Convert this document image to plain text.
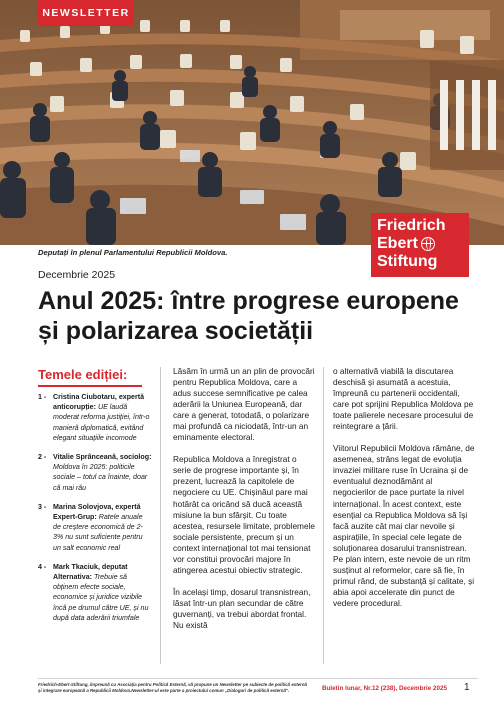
NEWSLETTER
Friedrich
Ebert
Stiftung
Deputați în plenul Parlamentului Republicii Moldova.
Decembrie 2025
Anul 2025: între progrese europene și polarizarea societății
Temele ediției:
1 - Cristina Ciubotaru, expertă anticorupție: UE laudă moderat reforma justiției, într-o manieră diplomatică, evitând elegant situațiile incomode
2 - Vitalie Sprânceană, sociolog: Moldova în 2025: politicile sociale – totul ca înainte, doar că mai rău
3 - Marina Solovjova, expertă Expert-Grup: Ratele anuale de creștere economică de 2-3% nu sunt suficiente pentru un salt economic real
4 - Mark Tkaciuk, deputat Alternativa: Trebuie să obținem efecte sociale, economice și juridice vizibile încă pe drumul către UE, și nu după data aderării triumfale

Lăsăm în urmă un an plin de provocări pentru Republica Moldova, care a adus succese semnificative pe calea aderării la Uniunea Europeană, dar care a generat, totodată, o polarizare mai profundă ca niciodată, într-un an eminamente electoral.

Republica Moldova a înregistrat o serie de progrese importante și, în prezent, lucrează la capitolele de negociere cu UE. Chișinăul pare mai hotărât ca oricând să ducă această misiune la bun sfârșit. Cu toate acestea, resursele limitate, problemele sociale persistente, precum și un context internațional tot mai tensionat vor constitui provocări majore în atingerea acestui obiectiv strategic.

În același timp, dosarul transnistrean, lăsat într-un plan secundar de către guvernanți, va trebui abordat frontal. Nu există

o alternativă viabilă la discutarea deschisă și asumată a acestuia, împreună cu partenerii occidentali, care pot sprijini Republica Moldova pe toate palierele necesare procesului de reintegrare a țării.

Viitorul Republicii Moldova rămâne, de asemenea, strâns legat de evoluția invaziei militare ruse în Ucraina și de eventualul deznodământ al negocierilor de pace purtate la nivel internațional. În acest context, este esențial ca Republica Moldova să își facă auzite cât mai clar nevoile și aspirațiile, în special cele legate de soluționarea dosarului transnistrean. Pe plan intern, este nevoie de un ritm susținut al reformelor, care să fie, în primul rând, de substanță și calitate, și abia apoi accelerate din punct de vedere procedural.

Friedrich-Ebert-Stiftung, împreună cu Asociația pentru Politică Externă, vă propune un Newsletter pe subiecte de politică externă și integrare europeană a Republicii Moldova.Newsletter-ul este parte a proiectului comun „Dialoguri de politică externă".	Buletin lunar, Nr.12 (238), Decembrie 2025 1
